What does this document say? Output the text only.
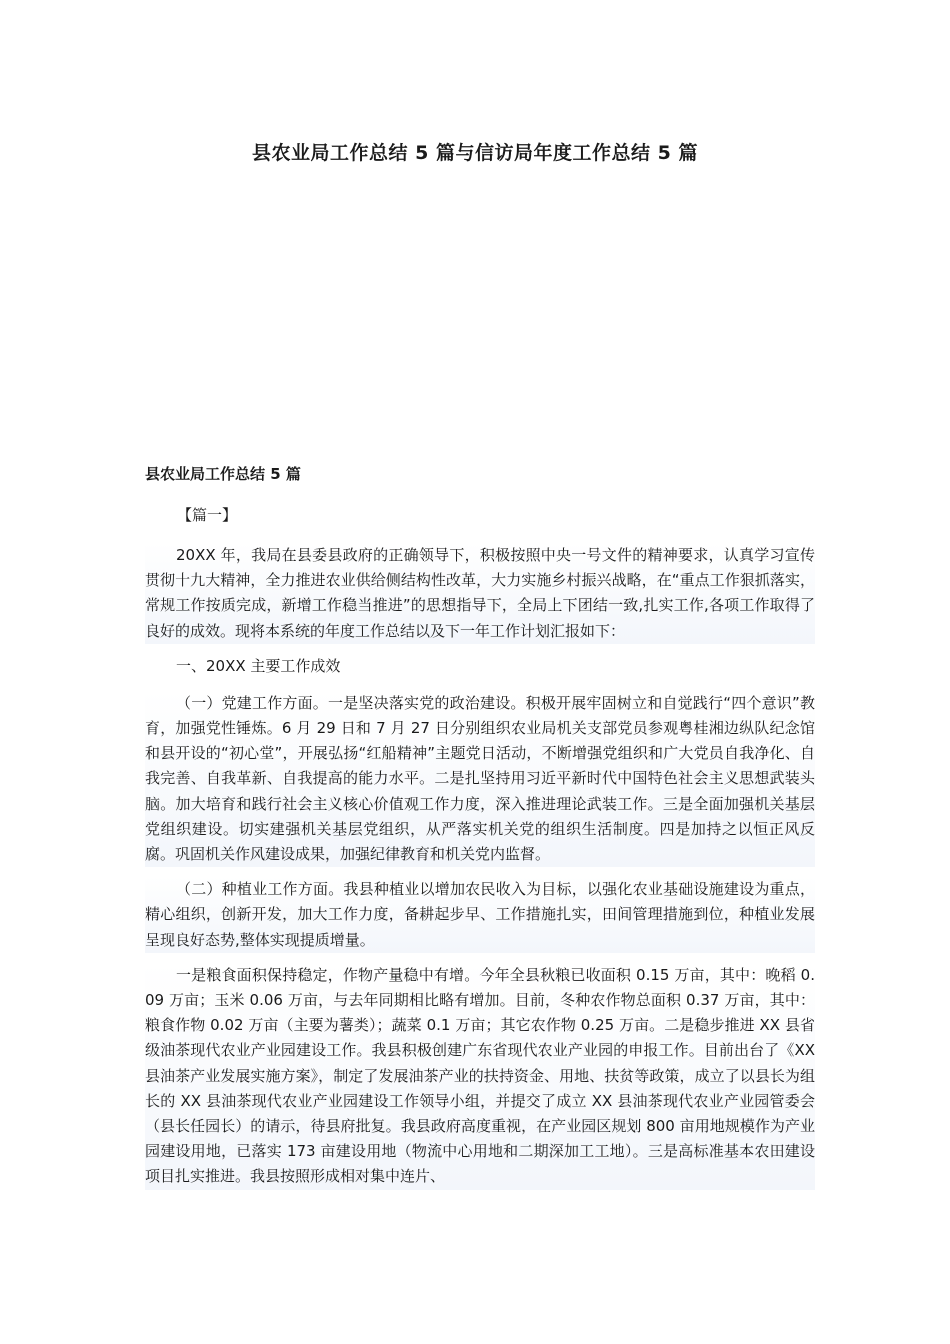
县农业局工作总结 5 篇与信访局年度工作总结 5 篇

县农业局工作总结 5 篇

【篇一】

20XX 年，我局在县委县政府的正确领导下，积极按照中央一号文件的精神要求，认真学习宣传贯彻十九大精神，全力推进农业供给侧结构性改革，大力实施乡村振兴战略，在“重点工作狠抓落实，常规工作按质完成，新增工作稳当推进”的思想指导下，全局上下团结一致,扎实工作,各项工作取得了良好的成效。现将本系统的年度工作总结以及下一年工作计划汇报如下：

一、20XX 主要工作成效

（一）党建工作方面。一是坚决落实党的政治建设。积极开展牢固树立和自觉践行“四个意识”教育，加强党性锤炼。6 月 29 日和 7 月 27 日分别组织农业局机关支部党员参观粤桂湘边纵队纪念馆和县开设的“初心堂”，开展弘扬“红船精神”主题党日活动，不断增强党组织和广大党员自我净化、自我完善、自我革新、自我提高的能力水平。二是扎坚持用习近平新时代中国特色社会主义思想武装头脑。加大培育和践行社会主义核心价值观工作力度，深入推进理论武装工作。三是全面加强机关基层党组织建设。切实建强机关基层党组织，从严落实机关党的组织生活制度。四是加持之以恒正风反腐。巩固机关作风建设成果，加强纪律教育和机关党内监督。

（二）种植业工作方面。我县种植业以增加农民收入为目标，以强化农业基础设施建设为重点，精心组织，创新开发，加大工作力度，备耕起步早、工作措施扎实，田间管理措施到位，种植业发展呈现良好态势,整体实现提质增量。

一是粮食面积保持稳定，作物产量稳中有增。今年全县秋粮已收面积 0.15 万亩，其中：晚稻 0.09 万亩；玉米 0.06 万亩，与去年同期相比略有增加。目前，冬种农作物总面积 0.37 万亩，其中：粮食作物 0.02 万亩（主要为薯类）；蔬菜 0.1 万亩；其它农作物 0.25 万亩。二是稳步推进 XX 县省级油茶现代农业产业园建设工作。我县积极创建广东省现代农业产业园的申报工作。目前出台了《XX 县油茶产业发展实施方案》，制定了发展油茶产业的扶持资金、用地、扶贫等政策，成立了以县长为组长的 XX 县油茶现代农业产业园建设工作领导小组，并提交了成立 XX 县油茶现代农业产业园管委会（县长任园长）的请示，待县府批复。我县政府高度重视，在产业园区规划 800 亩用地规模作为产业园建设用地，已落实 173 亩建设用地（物流中心用地和二期深加工工地）。三是高标准基本农田建设项目扎实推进。我县按照形成相对集中连片、
